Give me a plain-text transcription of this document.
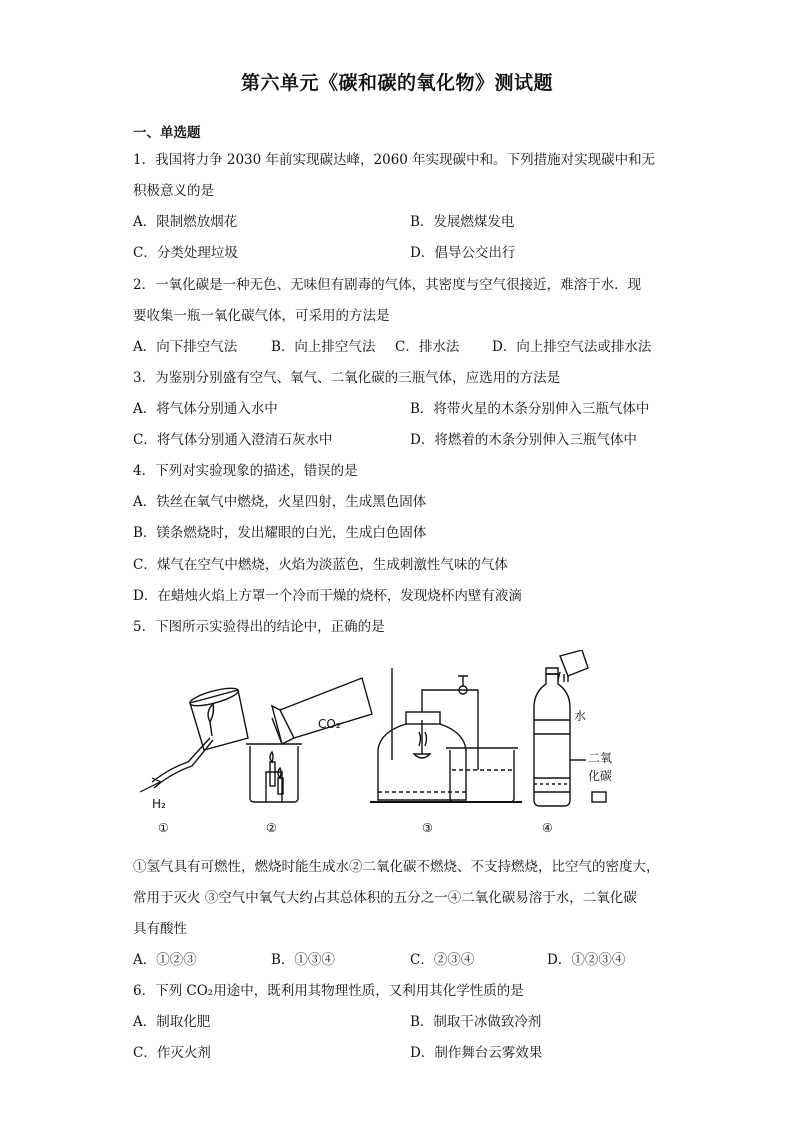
第六单元《碳和碳的氧化物》测试题
一、单选题
1．我国将力争 2030 年前实现碳达峰，2060 年实现碳中和。下列措施对实现碳中和无
积极意义的是
A．限制燃放烟花	B．发展燃煤发电
C．分类处理垃圾	D．倡导公交出行
2．一氧化碳是一种无色、无味但有剧毒的气体，其密度与空气很接近，难溶于水．现
要收集一瓶一氧化碳气体，可采用的方法是
A．向下排空气法	B．向上排空气法 C．排水法 D．向上排空气法或排水法
3．为鉴别分别盛有空气、氧气、二氧化碳的三瓶气体，应选用的方法是
A．将气体分别通入水中	B．将带火星的木条分别伸入三瓶气体中
C．将气体分别通入澄清石灰水中	D．将燃着的木条分别伸入三瓶气体中
4．下列对实验现象的描述，错误的是
A．铁丝在氧气中燃烧，火星四射，生成黑色固体
B．镁条燃烧时，发出耀眼的白光，生成白色固体
C．煤气在空气中燃烧，火焰为淡蓝色，生成刺激性气味的气体
D．在蜡烛火焰上方罩一个冷而干燥的烧杯，发现烧杯内壁有液滴
5．下图所示实验得出的结论中，正确的是
H₂
CO₂
水
二氧
化碳
①	②	③	④
①氢气具有可燃性，燃烧时能生成水②二氧化碳不燃烧、不支持燃烧，比空气的密度大，
常用于灭火 ③空气中氧气大约占其总体积的五分之一④二氧化碳易溶于水，二氧化碳
具有酸性
A．①②③	B．①③④	C．②③④	D．①②③④
6．下列 CO₂用途中，既利用其物理性质，又利用其化学性质的是
A．制取化肥	B．制取干冰做致冷剂
C．作灭火剂	D．制作舞台云雾效果
